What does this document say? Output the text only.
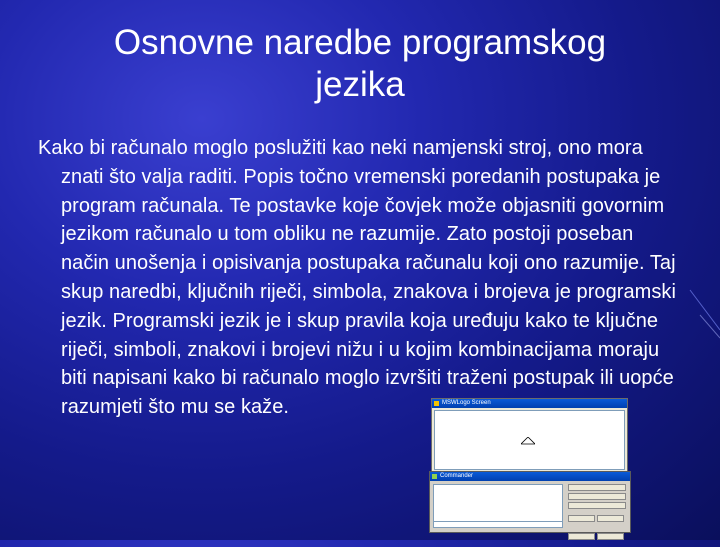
Osnovne naredbe programskog
jezika

Kako bi računalo moglo poslužiti kao neki namjenski stroj, ono mora znati što valja raditi. Popis točno vremenski poredanih postupaka je program računala. Te postavke koje čovjek može objasniti govornim jezikom računalo u tom obliku ne razumije. Zato postoji poseban način unošenja i opisivanja postupaka računalu koji ono razumije. Taj skup naredbi, ključnih riječi, simbola, znakova i brojeva je programski jezik. Programski jezik je i skup pravila koja uređuju kako te ključne riječi, simboli, znakovi i brojevi nižu i u kojim kombinacijama moraju biti napisani kako bi računalo moglo izvršiti traženi postupak ili uopće razumjeti što mu se kaže.	MSWLogo Screen
Commander
